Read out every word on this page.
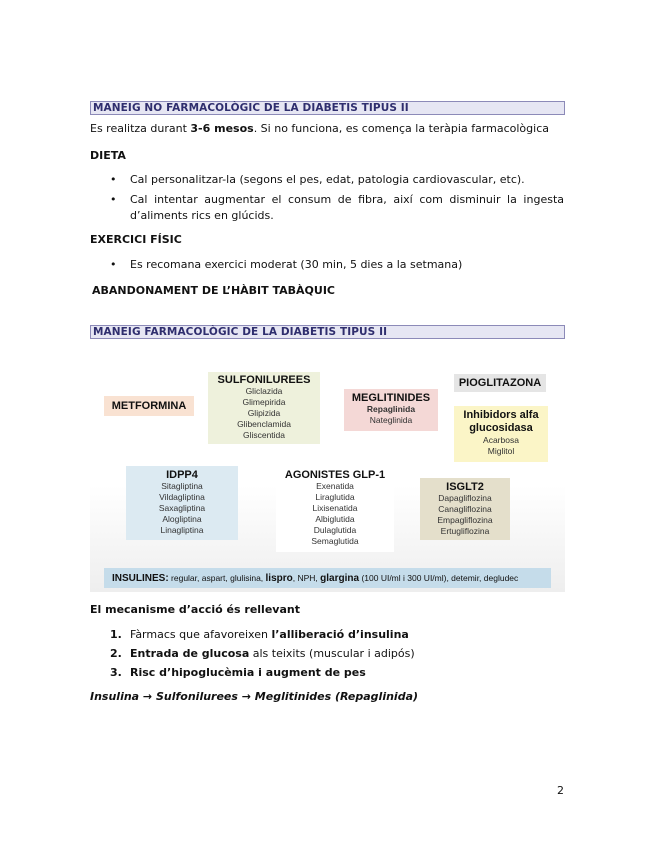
MANEIG NO FARMACOLÒGIC DE LA DIABETIS TIPUS II
Es realitza durant 3-6 mesos. Si no funciona, es comença la teràpia farmacològica
DIETA
• Cal personalitzar-la (segons el pes, edat, patologia cardiovascular, etc).
• Cal intentar augmentar el consum de fibra, així com disminuir la ingesta d’aliments rics en glúcids.
EXERCICI FÍSIC
• Es recomana exercici moderat (30 min, 5 dies a la setmana)
ABANDONAMENT DE L’HÀBIT TABÀQUIC
MANEIG FARMACOLÒGIC DE LA DIABETIS TIPUS II
METFORMINA
SULFONILUREES
Gliclazida
Glimepirida
Glipizida
Glibenclamida
Gliscentida
MEGLITINIDES
Repaglinida
Nateglinida
PIOGLITAZONA
Inhibidors alfa glucosidasa
Acarbosa
Miglitol
IDPP4
Sitagliptina
Vildagliptina
Saxagliptina
Alogliptina
Linagliptina
AGONISTES GLP-1
Exenatida
Liraglutida
Lixisenatida
Albiglutida
Dulaglutida
Semaglutida
ISGLT2
Dapagliflozina
Canagliflozina
Empagliflozina
Ertugliflozina
INSULINES: regular, aspart, glulisina, lispro, NPH, glargina (100 UI/ml i 300 UI/ml), detemir, degludec
El mecanisme d’acció és rellevant
1. Fàrmacs que afavoreixen l’alliberació d’insulina
2. Entrada de glucosa als teixits (muscular i adipós)
3. Risc d’hipoglucèmia i augment de pes
Insulina → Sulfonilurees → Meglitinides (Repaglinida)
2
